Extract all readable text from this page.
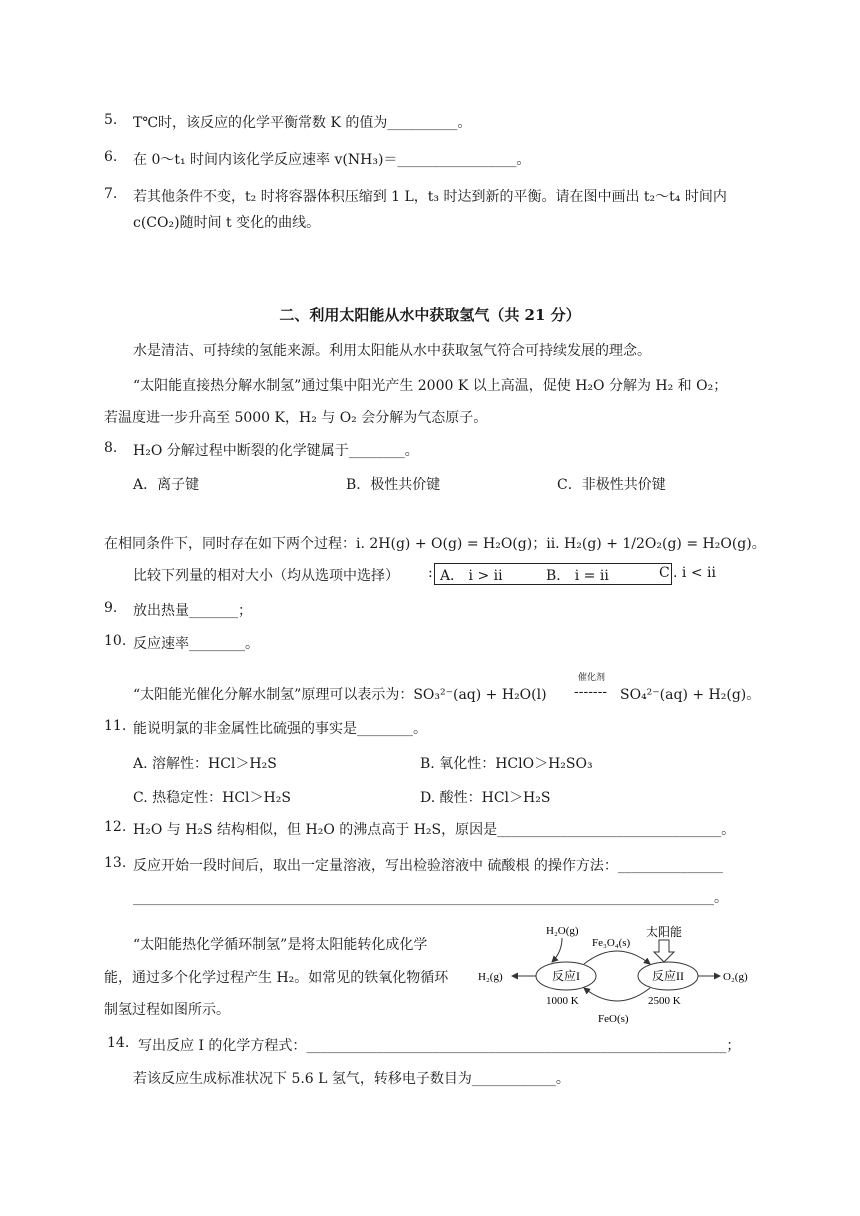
5. T℃时，该反应的化学平衡常数 K 的值为__________。
6. 在 0～t₁ 时间内该化学反应速率 v(NH₃)＝_________________。
7. 若其他条件不变，t₂ 时将容器体积压缩到 1 L，t₃ 时达到新的平衡。请在图中画出 t₂～t₄ 时间内
c(CO₂)随时间 t 变化的曲线。
二、利用太阳能从水中获取氢气（共 21 分）
水是清洁、可持续的氢能来源。利用太阳能从水中获取氢气符合可持续发展的理念。
“太阳能直接热分解水制氢”通过集中阳光产生 2000 K 以上高温，促使 H₂O 分解为 H₂ 和 O₂；
若温度进一步升高至 5000 K，H₂ 与 O₂ 会分解为气态原子。
8. H₂O 分解过程中断裂的化学键属于________。
A．离子键	B．极性共价键	C．非极性共价键
在相同条件下，同时存在如下两个过程：ⅰ. 2H(g) + O(g) = H₂O(g)；ⅱ. H₂(g) + 1/2O₂(g) = H₂O(g)。
比较下列量的相对大小（均从选项中选择） : A． ⅰ > ⅱ	B． ⅰ = ⅱ	C . ⅰ < ⅱ
9. 放出热量_______；
10. 反应速率________。
“太阳能光催化分解水制氢”原理可以表示为：SO₃²⁻(aq) + H₂O(l)
催化剂
------- SO₄²⁻(aq) + H₂(g)。
11. 能说明氯的非金属性比硫强的事实是________。
A. 溶解性：HCl＞H₂S	B. 氧化性：HClO＞H₂SO₃
C. 热稳定性：HCl＞H₂S	D. 酸性：HCl＞H₂S
12. H₂O 与 H₂S 结构相似，但 H₂O 的沸点高于 H₂S，原因是________________________________。
13. 反应开始一段时间后，取出一定量溶液，写出检验溶液中 硫酸根 的操作方法：_______________
___________________________________________________________________________________。
“太阳能热化学循环制氢”是将太阳能转化成化学
能，通过多个化学过程产生 H₂。如常见的铁氧化物循环
制氢过程如图所示。
反应I	反应II
H₂O(g)
Fe₃O₄(s)
太阳能
H₂(g)	O₂(g)
1000 K	2500 K
FeO(s)
14. 写出反应 I 的化学方程式：____________________________________________________________；
若该反应生成标准状况下 5.6 L 氢气，转移电子数目为____________。
